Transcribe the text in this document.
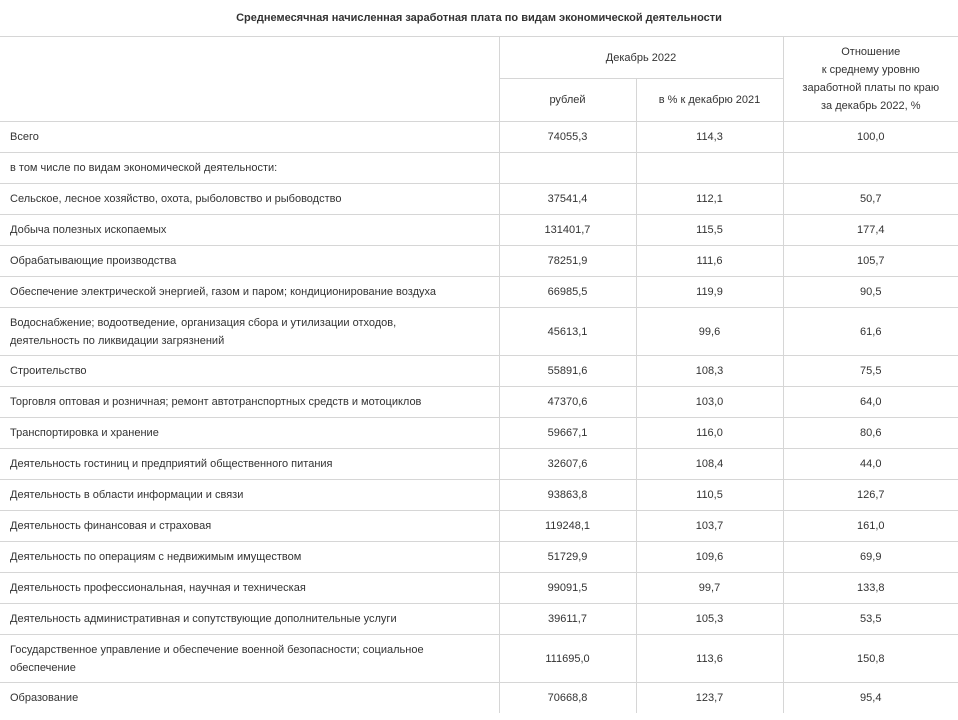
Среднемесячная начисленная заработная плата по видам экономической деятельности
	Декабрь 2022		Отношение
к среднему уровню
заработной платы по краю
за декабрь 2022, %
	рублей	в % к декабрю 2021	
Всего	74055,3	114,3	100,0
в том числе по видам экономической деятельности:			
Сельское, лесное хозяйство, охота, рыболовство и рыбоводство	37541,4	112,1	50,7
Добыча полезных ископаемых	131401,7	115,5	177,4
Обрабатывающие производства	78251,9	111,6	105,7
Обеспечение электрической энергией, газом и паром; кондиционирование воздуха	66985,5	119,9	90,5
Водоснабжение; водоотведение, организация сбора и утилизации отходов,
деятельность по ликвидации загрязнений	45613,1	99,6	61,6
Строительство	55891,6	108,3	75,5
Торговля оптовая и розничная; ремонт автотранспортных средств и мотоциклов	47370,6	103,0	64,0
Транспортировка и хранение	59667,1	116,0	80,6
Деятельность гостиниц и предприятий общественного питания	32607,6	108,4	44,0
Деятельность в области информации и связи	93863,8	110,5	126,7
Деятельность финансовая и страховая	119248,1	103,7	161,0
Деятельность по операциям с недвижимым имуществом	51729,9	109,6	69,9
Деятельность профессиональная, научная и техническая	99091,5	99,7	133,8
Деятельность административная и сопутствующие дополнительные услуги	39611,7	105,3	53,5
Государственное управление и обеспечение военной безопасности; социальное
обеспечение	111695,0	113,6	150,8
Образование	70668,8	123,7	95,4
